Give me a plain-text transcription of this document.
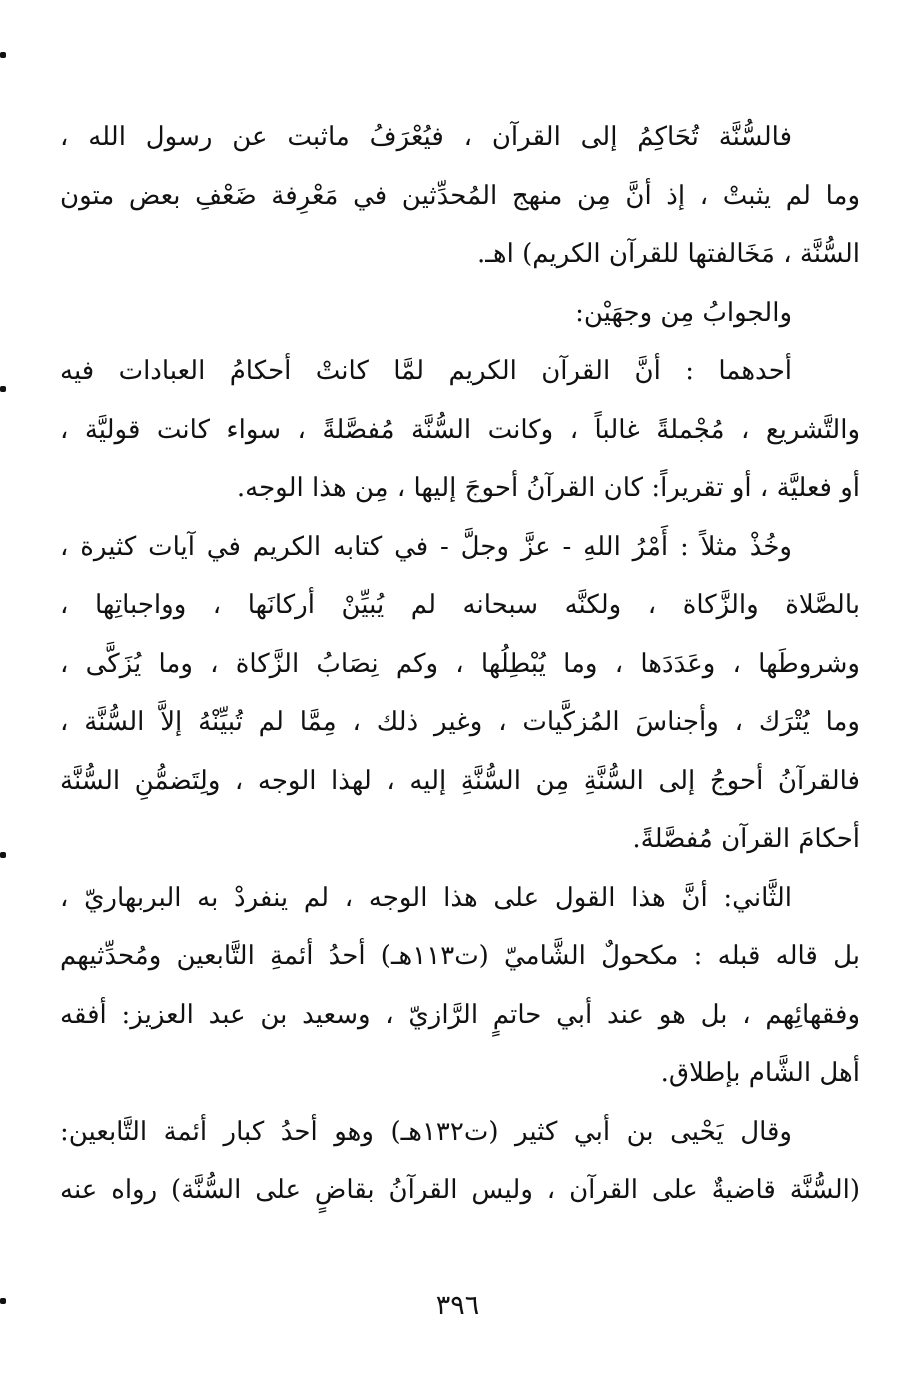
فالسُّنَّة تُحَاكِمُ إلى القرآن ، فيُعْرَفُ ماثبت عن رسول الله ،
وما لم يثبتْ ، إذ أنَّ مِن منهج المُحدِّثين في مَعْرِفة ضَعْفِ بعض متون
السُّنَّة ، مَخَالفتها للقرآن الكريم) اهـ.
والجوابُ مِن وجهَيْن:
أحدهما : أنَّ القرآن الكريم لمَّا كانتْ أحكامُ العبادات فيه
والتَّشريع ، مُجْملةً غالباً ، وكانت السُّنَّة مُفصَّلةً ، سواء كانت قوليَّة ،
أو فعليَّة ، أو تقريراً: كان القرآنُ أحوجَ إليها ، مِن هذا الوجه.
وخُذْ مثلاً : أَمْرُ اللهِ - عزَّ وجلَّ - في كتابه الكريم في آيات كثيرة ،
بالصَّلاة والزَّكاة ، ولكنَّه سبحانه لم يُبيِّنْ أركانَها ، وواجباتِها ،
وشروطَها ، وعَدَدَها ، وما يُبْطِلُها ، وكم نِصَابُ الزَّكاة ، وما يُزَكَّى ،
وما يُتْرَك ، وأجناسَ المُزكَّيات ، وغير ذلك ، مِمَّا لم تُبيِّنْهُ إلاَّ السُّنَّة ،
فالقرآنُ أحوجُ إلى السُّنَّةِ مِن السُّنَّةِ إليه ، لهذا الوجه ، ولِتَضمُّنِ السُّنَّة
أحكامَ القرآن مُفصَّلةً.
الثَّاني: أنَّ هذا القول على هذا الوجه ، لم ينفردْ به البربهاريّ ،
بل قاله قبله : مكحولٌ الشَّاميّ (ت١١٣هـ) أحدُ أئمةِ التَّابعين ومُحدِّثيهم
وفقهائِهم ، بل هو عند أبي حاتمٍ الرَّازيّ ، وسعيد بن عبد العزيز: أفقه
أهل الشَّام بإطلاق.
وقال يَحْيى بن أبي كثير (ت١٣٢هـ) وهو أحدُ كبار أئمة التَّابعين:
(السُّنَّة قاضيةٌ على القرآن ، وليس القرآنُ بقاضٍ على السُّنَّة) رواه عنه
٣٩٦
